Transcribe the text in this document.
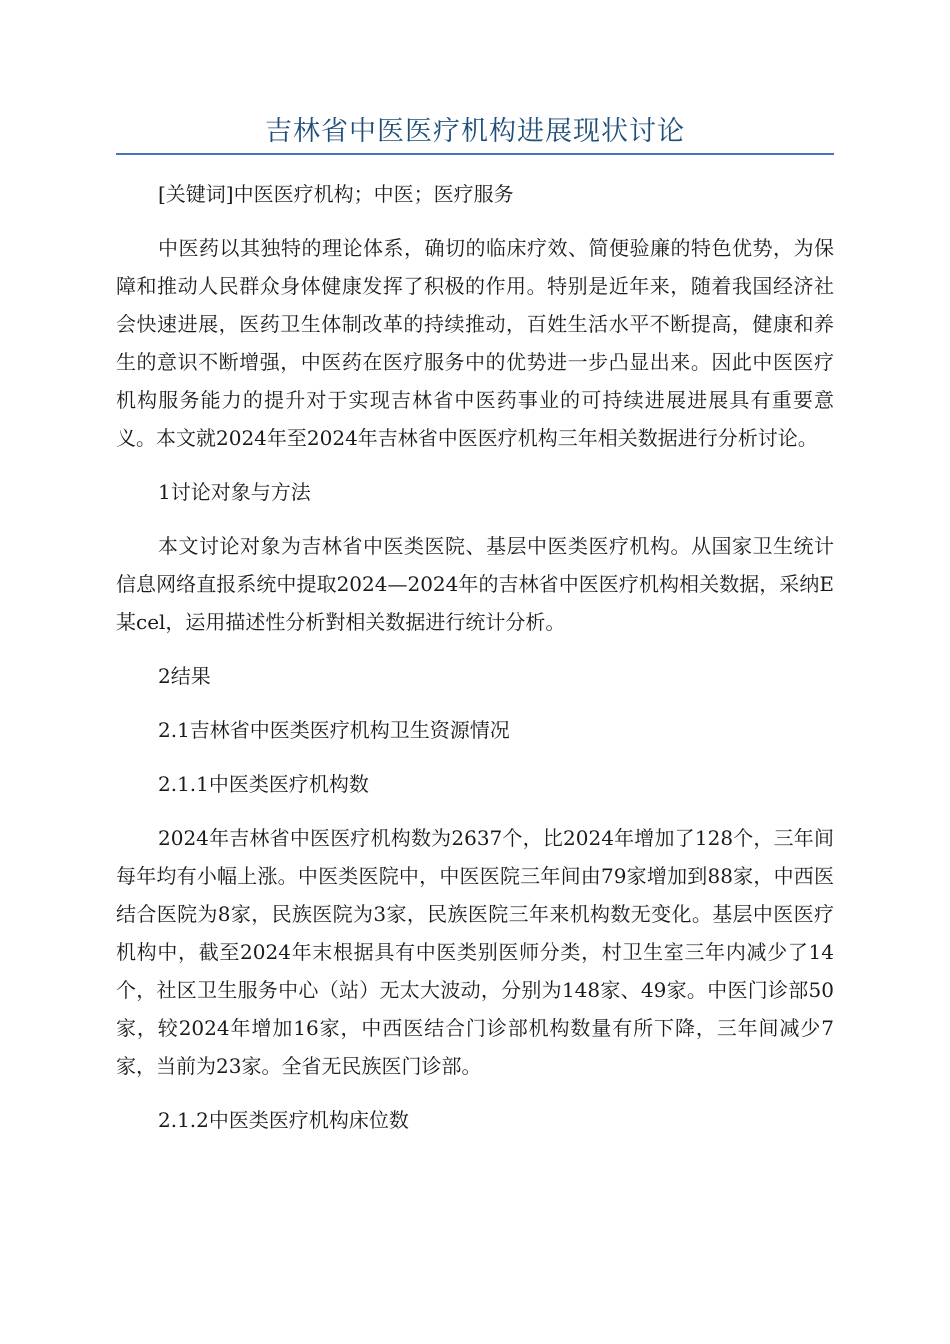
吉林省中医医疗机构进展现状讨论

[关键词]中医医疗机构；中医；医疗服务

中医药以其独特的理论体系，确切的临床疗效、简便验廉的特色优势，为保障和推动人民群众身体健康发挥了积极的作用。特别是近年来，随着我国经济社会快速进展，医药卫生体制改革的持续推动，百姓生活水平不断提高，健康和养生的意识不断增强，中医药在医疗服务中的优势进一步凸显出来。因此中医医疗机构服务能力的提升对于实现吉林省中医药事业的可持续进展进展具有重要意义。本文就2024年至2024年吉林省中医医疗机构三年相关数据进行分析讨论。

1讨论对象与方法

本文讨论对象为吉林省中医类医院、基层中医类医疗机构。从国家卫生统计信息网络直报系统中提取2024—2024年的吉林省中医医疗机构相关数据，采纳E某cel，运用描述性分析對相关数据进行统计分析。

2结果

2.1吉林省中医类医疗机构卫生资源情况

2.1.1中医类医疗机构数

2024年吉林省中医医疗机构数为2637个，比2024年增加了128个，三年间每年均有小幅上涨。中医类医院中，中医医院三年间由79家增加到88家，中西医结合医院为8家，民族医院为3家，民族医院三年来机构数无变化。基层中医医疗机构中，截至2024年末根据具有中医类别医师分类，村卫生室三年内减少了14个，社区卫生服务中心（站）无太大波动，分别为148家、49家。中医门诊部50家，较2024年增加16家，中西医结合门诊部机构数量有所下降，三年间减少7家，当前为23家。全省无民族医门诊部。

2.1.2中医类医疗机构床位数
